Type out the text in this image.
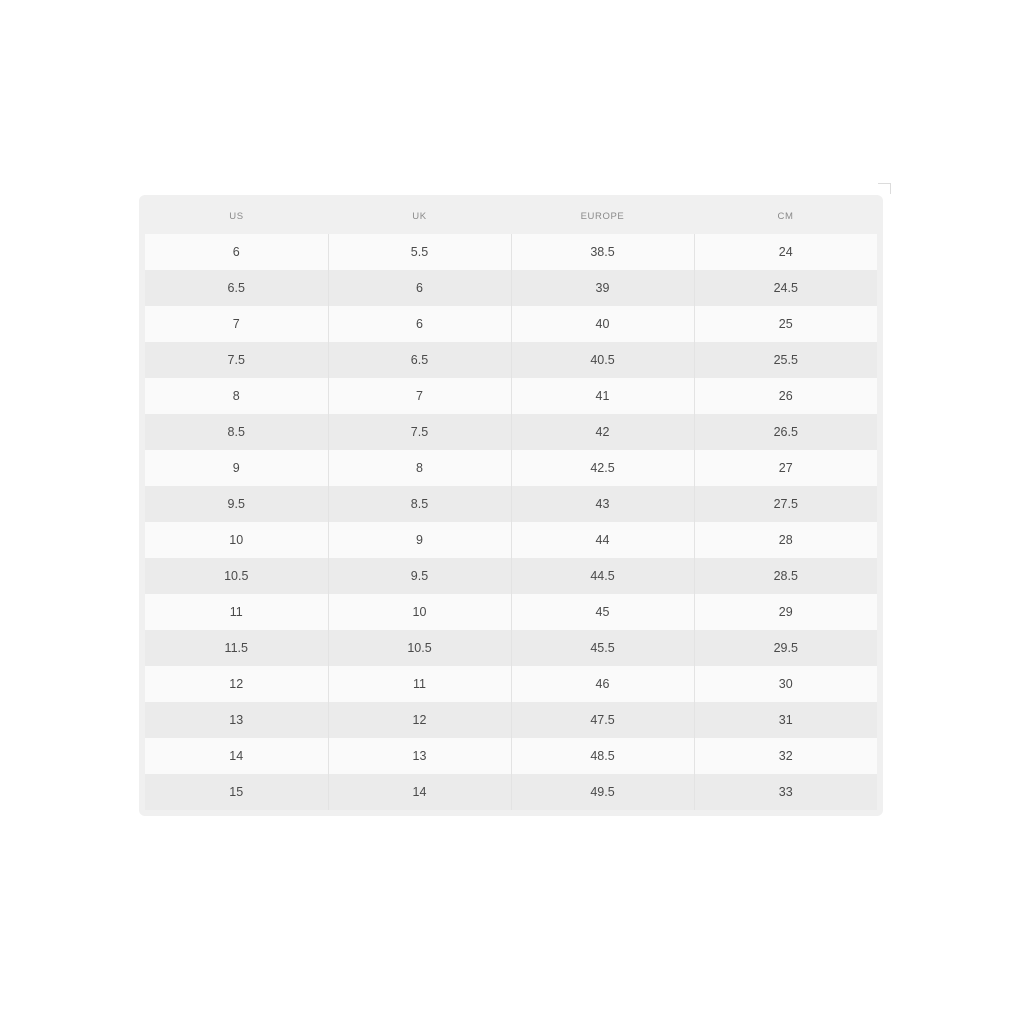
US	UK	EUROPE	CM
6	5.5	38.5	24
6.5	6	39	24.5
7	6	40	25
7.5	6.5	40.5	25.5
8	7	41	26
8.5	7.5	42	26.5
9	8	42.5	27
9.5	8.5	43	27.5
10	9	44	28
10.5	9.5	44.5	28.5
11	10	45	29
11.5	10.5	45.5	29.5
12	11	46	30
13	12	47.5	31
14	13	48.5	32
15	14	49.5	33
